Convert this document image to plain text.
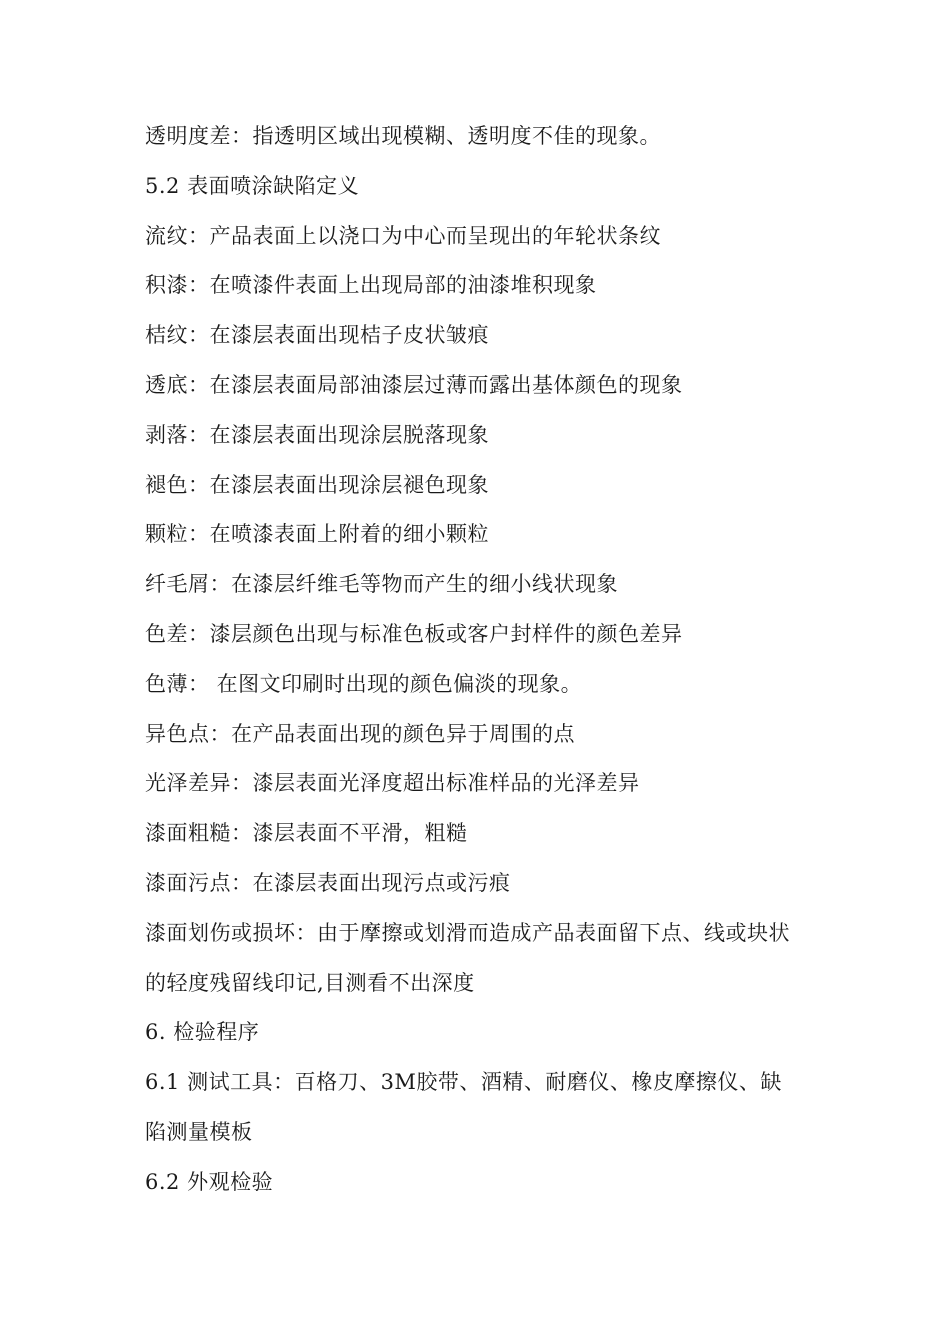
透明度差：指透明区域出现模糊、透明度不佳的现象。
5.2 表面喷涂缺陷定义
流纹：产品表面上以浇口为中心而呈现出的年轮状条纹
积漆：在喷漆件表面上出现局部的油漆堆积现象
桔纹：在漆层表面出现桔子皮状皱痕
透底：在漆层表面局部油漆层过薄而露出基体颜色的现象
剥落：在漆层表面出现涂层脱落现象
褪色：在漆层表面出现涂层褪色现象
颗粒：在喷漆表面上附着的细小颗粒
纤毛屑：在漆层纤维毛等物而产生的细小线状现象
色差：漆层颜色出现与标准色板或客户封样件的颜色差异
色薄： 在图文印刷时出现的颜色偏淡的现象。
异色点：在产品表面出现的颜色异于周围的点
光泽差异：漆层表面光泽度超出标准样品的光泽差异
漆面粗糙：漆层表面不平滑，粗糙
漆面污点：在漆层表面出现污点或污痕
漆面划伤或损坏：由于摩擦或划滑而造成产品表面留下点、线或块状
的轻度残留线印记,目测看不出深度
6. 检验程序
6.1 测试工具：百格刀、3M胶带、酒精、耐磨仪、橡皮摩擦仪、缺
陷测量模板
6.2 外观检验
